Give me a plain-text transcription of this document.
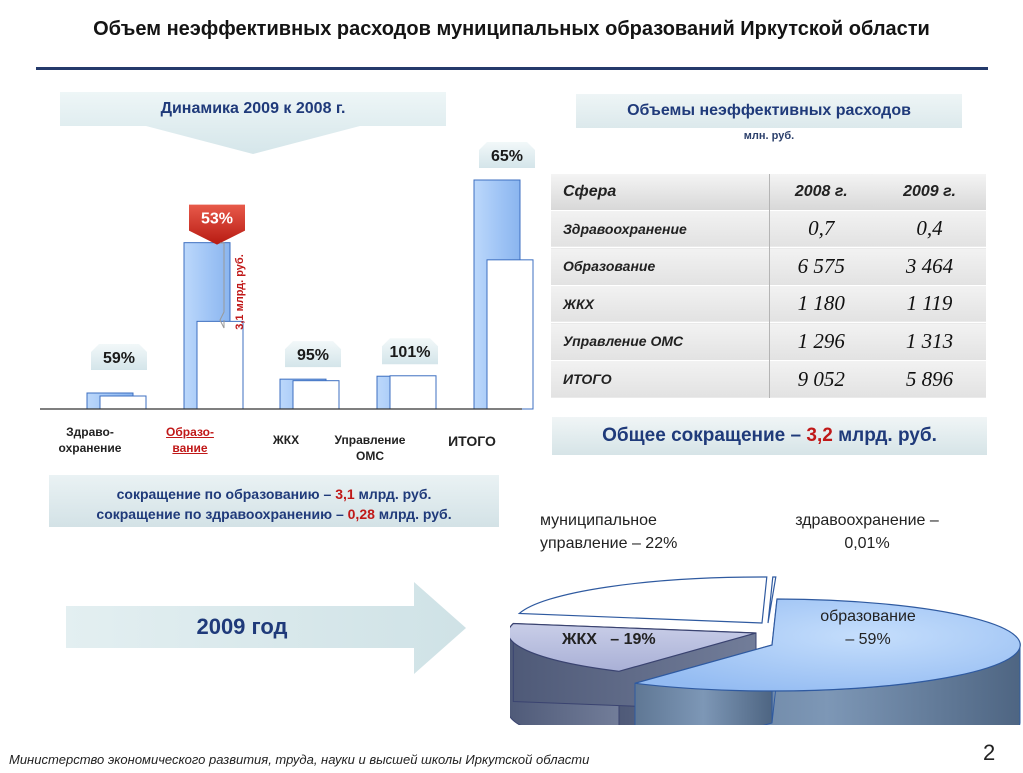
Объем неэффективных расходов муниципальных образований Иркутской области
Динамика 2009 к 2008 г.	Объемы неэффективных расходов
млн. руб.
59%
53%
95%	101%
65%
3,1 млрд. руб.
Здраво-
охранение
Образо-
вание
ЖКХ	Управление
ОМС
ИТОГО
Сфера	2008 г.	2009 г.
Здравоохранение	0,7	0,4
Образование	6 575	3 464
ЖКХ	1 180	1 119
Управление ОМС	1 296	1 313
ИТОГО	9 052	5 896
Общее сокращение – 3,2 млрд. руб.
сокращение по образованию – 3,1 млрд. руб.
сокращение по здравоохранению – 0,28 млрд. руб.
2009 год
муниципальное
управление – 22%
здравоохранение –
0,01%
образование
– 59%
ЖКХ   – 19%
Министерство экономического развития, труда, науки и высшей школы Иркутской области	2
